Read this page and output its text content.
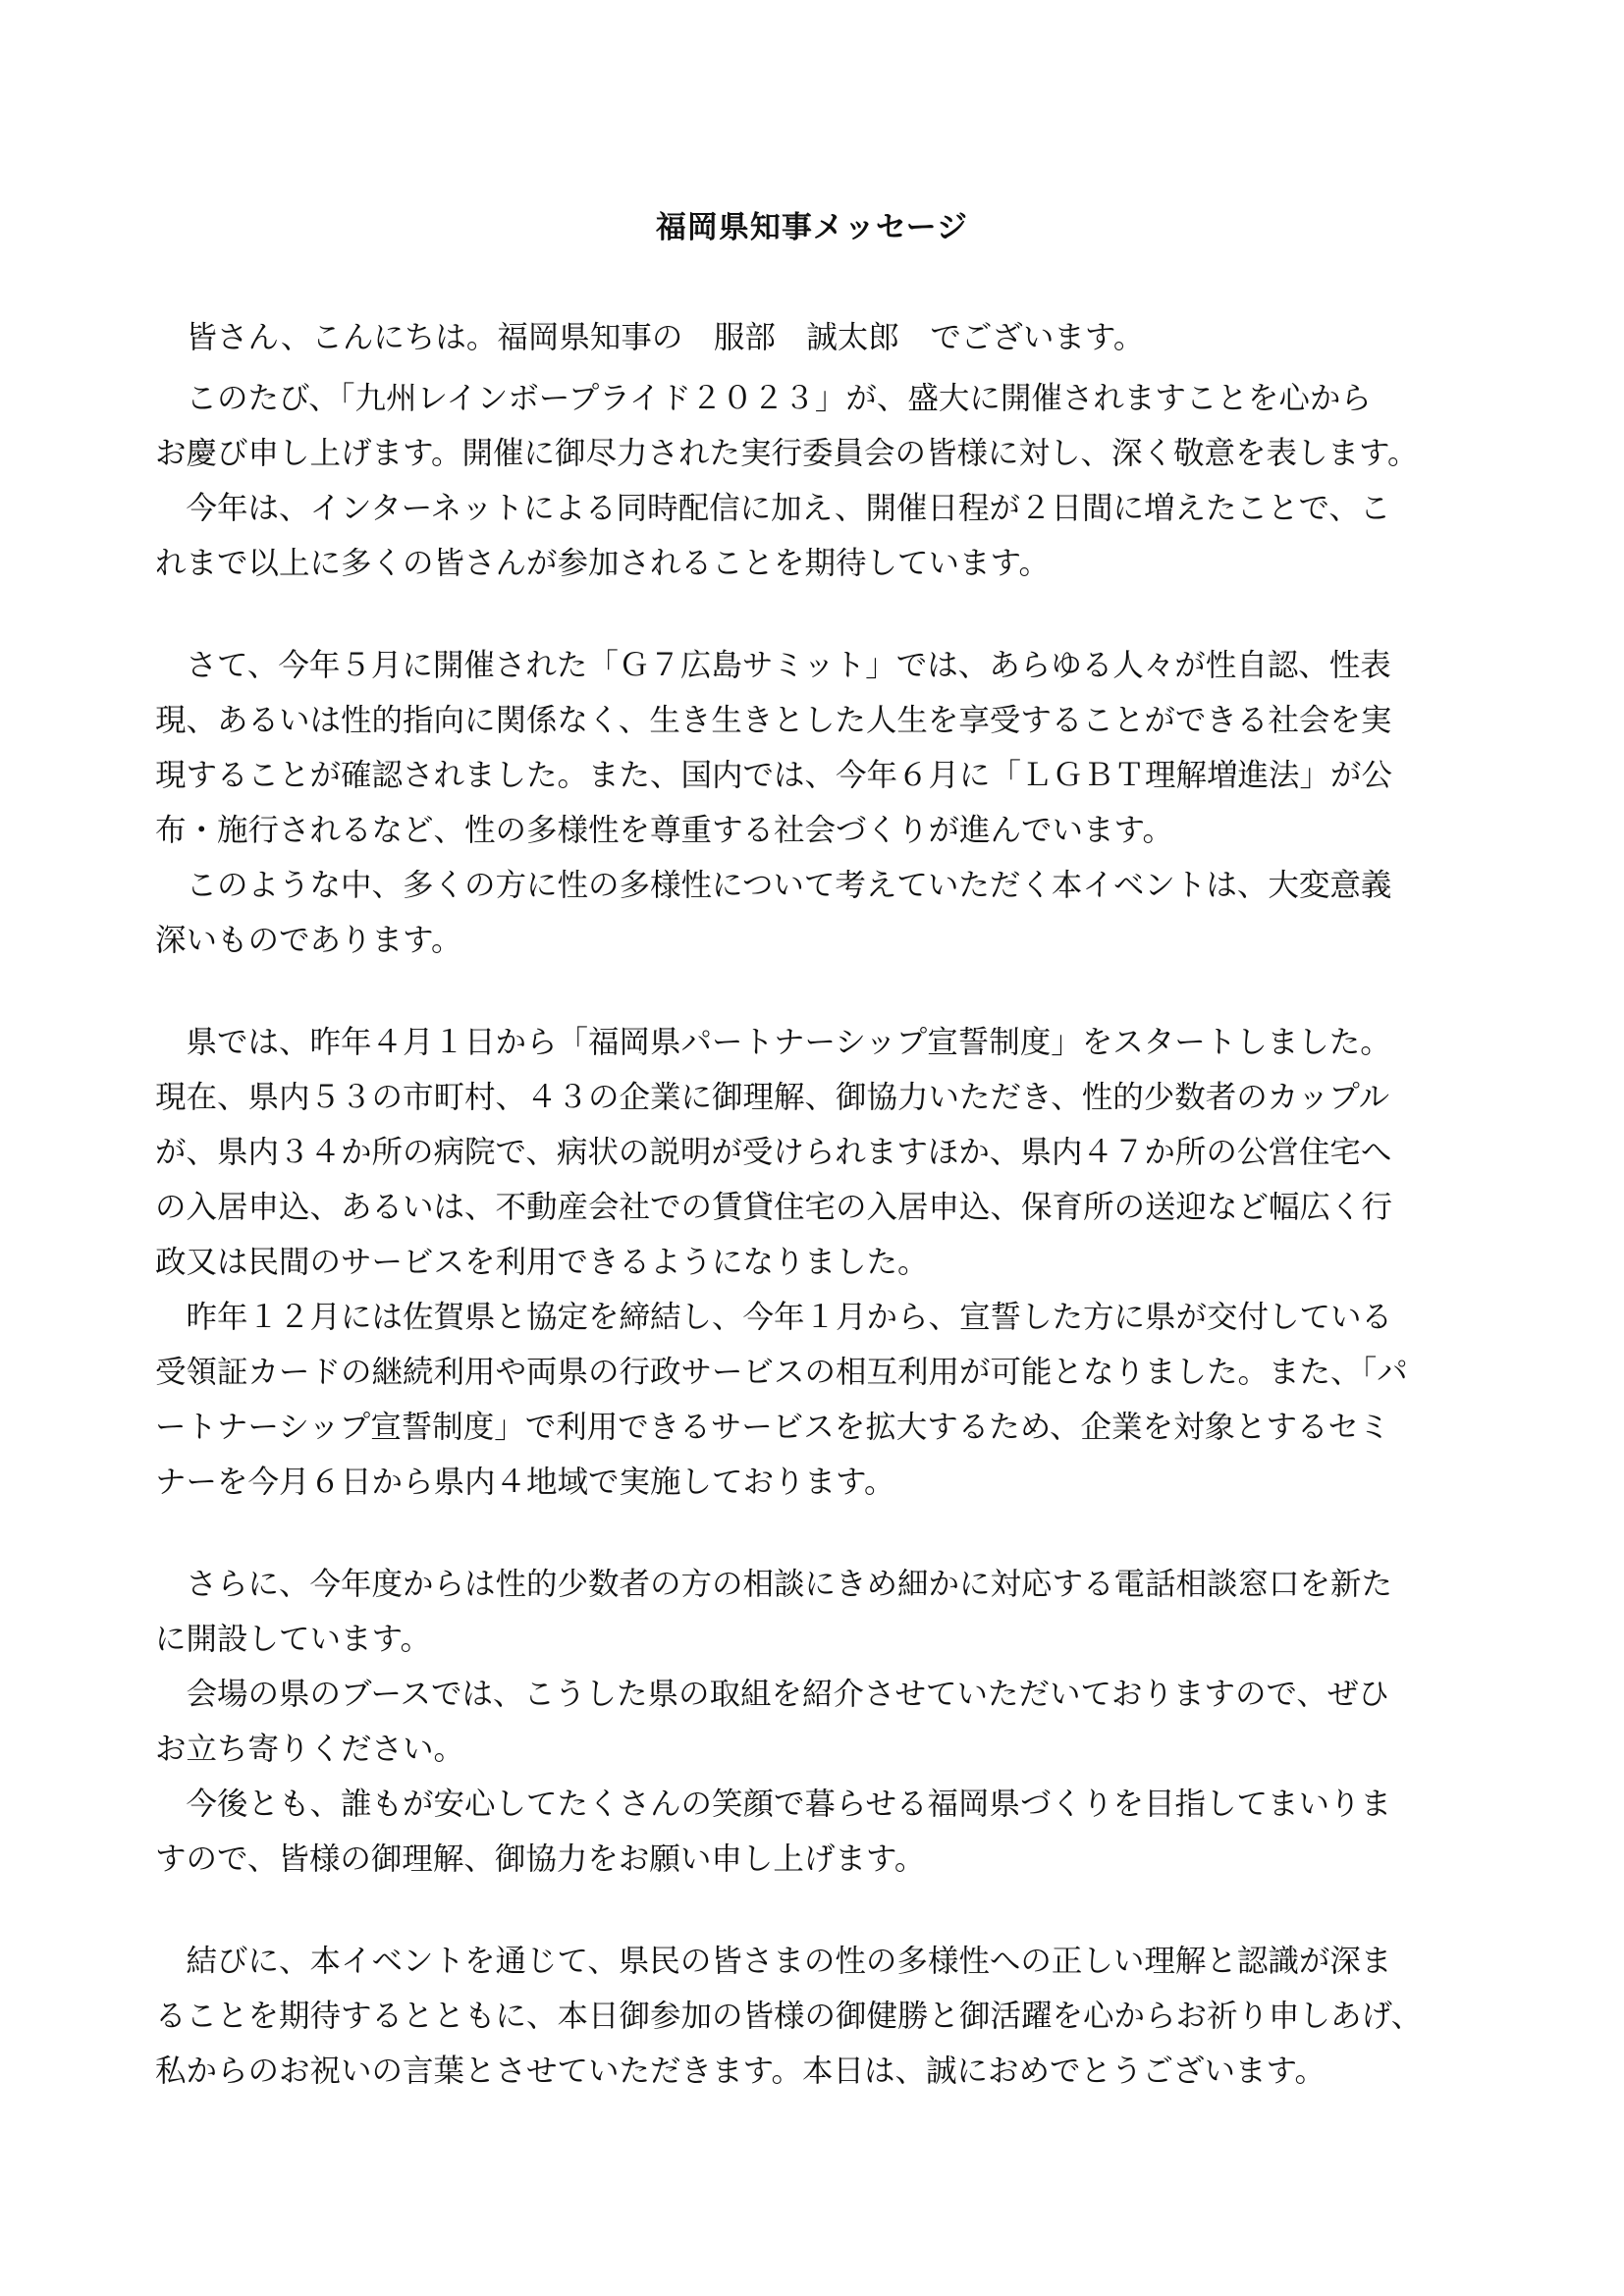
福岡県知事メッセージ
　皆さん、こんにちは。福岡県知事の　服部　誠太郎　でございます。
　このたび、「九州レインボープライド２０２３」が、盛大に開催されますことを心から
お慶び申し上げます。開催に御尽力された実行委員会の皆様に対し、深く敬意を表します。
　今年は、インターネットによる同時配信に加え、開催日程が２日間に増えたことで、こ
れまで以上に多くの皆さんが参加されることを期待しています。
　さて、今年５月に開催された「Ｇ７広島サミット」では、あらゆる人々が性自認、性表
現、あるいは性的指向に関係なく、生き生きとした人生を享受することができる社会を実
現することが確認されました。また、国内では、今年６月に「ＬＧＢＴ理解増進法」が公
布・施行されるなど、性の多様性を尊重する社会づくりが進んでいます。
　このような中、多くの方に性の多様性について考えていただく本イベントは、大変意義
深いものであります。
　県では、昨年４月１日から「福岡県パートナーシップ宣誓制度」をスタートしました。
現在、県内５３の市町村、４３の企業に御理解、御協力いただき、性的少数者のカップル
が、県内３４か所の病院で、病状の説明が受けられますほか、県内４７か所の公営住宅へ
の入居申込、あるいは、不動産会社での賃貸住宅の入居申込、保育所の送迎など幅広く行
政又は民間のサービスを利用できるようになりました。
　昨年１２月には佐賀県と協定を締結し、今年１月から、宣誓した方に県が交付している
受領証カードの継続利用や両県の行政サービスの相互利用が可能となりました。また、「パ
ートナーシップ宣誓制度」で利用できるサービスを拡大するため、企業を対象とするセミ
ナーを今月６日から県内４地域で実施しております。
　さらに、今年度からは性的少数者の方の相談にきめ細かに対応する電話相談窓口を新た
に開設しています。
　会場の県のブースでは、こうした県の取組を紹介させていただいておりますので、ぜひ
お立ち寄りください。
　今後とも、誰もが安心してたくさんの笑顔で暮らせる福岡県づくりを目指してまいりま
すので、皆様の御理解、御協力をお願い申し上げます。
　結びに、本イベントを通じて、県民の皆さまの性の多様性への正しい理解と認識が深ま
ることを期待するとともに、本日御参加の皆様の御健勝と御活躍を心からお祈り申しあげ、
私からのお祝いの言葉とさせていただきます。本日は、誠におめでとうございます。
